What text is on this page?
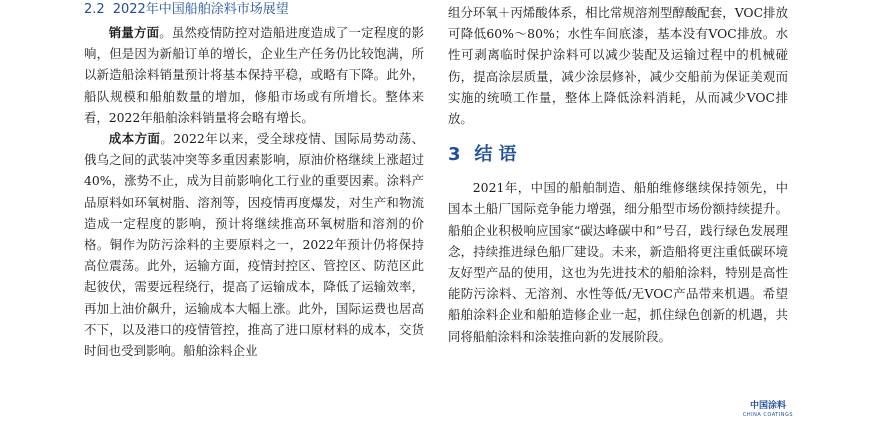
2.2 2022年中国船舶涂料市场展望

销量方面。虽然疫情防控对造船进度造成了一定程度的影响，但是因为新船订单的增长，企业生产任务仍比较饱满，所以新造船涂料销量预计将基本保持平稳，或略有下降。此外，船队规模和船舶数量的增加，修船市场或有所增长。整体来看，2022年船舶涂料销量将会略有增长。

成本方面。2022年以来，受全球疫情、国际局势动荡、俄乌之间的武装冲突等多重因素影响，原油价格继续上涨超过40%，涨势不止，成为目前影响化工行业的重要因素。涂料产品原料如环氧树脂、溶剂等，因疫情再度爆发，对生产和物流造成一定程度的影响，预计将继续推高环氧树脂和溶剂的价格。铜作为防污涂料的主要原料之一，2022年预计仍将保持高位震荡。此外，运输方面，疫情封控区、管控区、防范区此起彼伏，需要远程绕行，提高了运输成本，降低了运输效率，再加上油价飙升，运输成本大幅上涨。此外，国际运费也居高不下，以及港口的疫情管控，推高了进口原材料的成本，交货时间也受到影响。船舶涂料企业

组分环氧＋丙烯酸体系，相比常规溶剂型醇酸配套，VOC排放可降低60%～80%；水性车间底漆，基本没有VOC排放。水性可剥离临时保护涂料可以减少装配及运输过程中的机械碰伤，提高涂层质量，减少涂层修补，减少交船前为保证美观而实施的统喷工作量，整体上降低涂料消耗，从而减少VOC排放。

3 结语

2021年，中国的船舶制造、船舶维修继续保持领先，中国本土船厂国际竞争能力增强，细分船型市场份额持续提升。船舶企业积极响应国家“碳达峰碳中和”号召，践行绿色发展理念，持续推进绿色船厂建设。未来，新造船将更注重低碳环境友好型产品的使用，这也为先进技术的船舶涂料，特别是高性能防污涂料、无溶剂、水性等低/无VOC产品带来机遇。希望船舶涂料企业和船舶造修企业一起，抓住绿色创新的机遇，共同将船舶涂料和涂装推向新的发展阶段。

中国涂料
CHINA COATINGS
